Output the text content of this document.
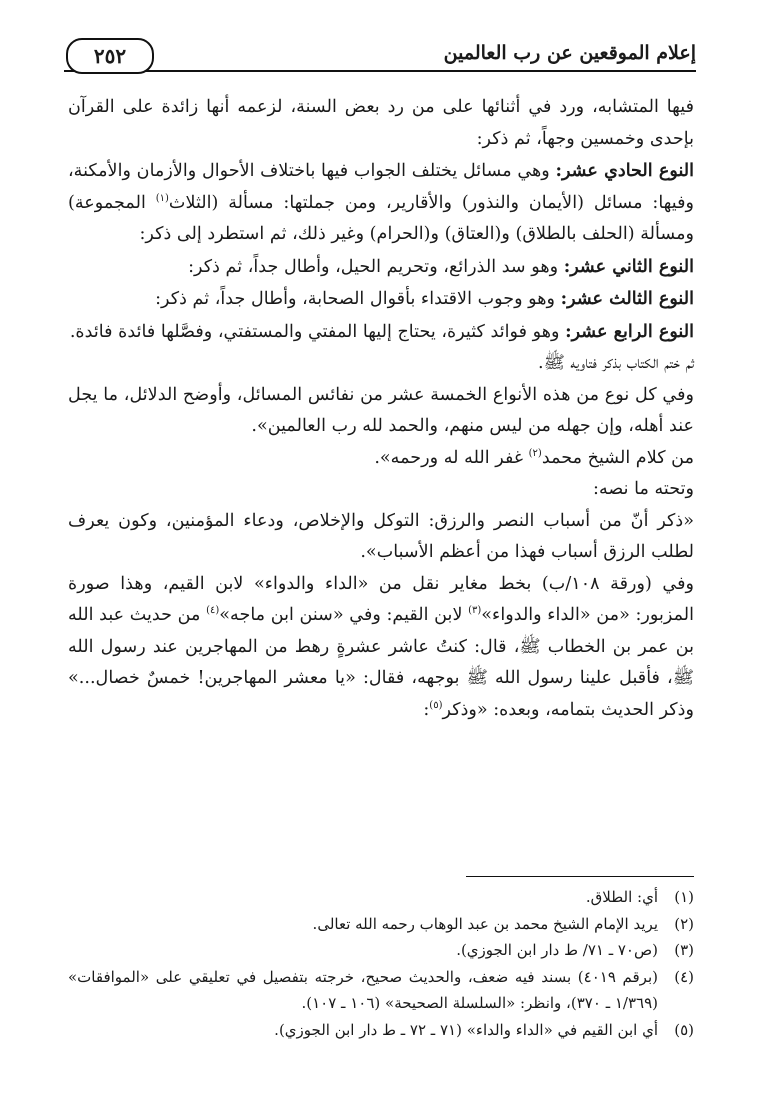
إعلام الموقعين عن رب العالمين
٢٥٢

فيها المتشابه، ورد في أثنائها على من رد بعض السنة، لزعمه أنها زائدة على القرآن بإحدى وخمسين وجهاً، ثم ذكر:

النوع الحادي عشر: وهي مسائل يختلف الجواب فيها باختلاف الأحوال والأزمان والأمكنة، وفيها: مسائل (الأيمان والنذور) والأقارير، ومن جملتها: مسألة (الثلاث$^{(١)}$ المجموعة) ومسألة (الحلف بالطلاق) و(العتاق) و(الحرام) وغير ذلك، ثم استطرد إلى ذكر:

النوع الثاني عشر: وهو سد الذرائع، وتحريم الحيل، وأطال جداً، ثم ذكر:

النوع الثالث عشر: وهو وجوب الاقتداء بأقوال الصحابة، وأطال جداً، ثم ذكر:

النوع الرابع عشر: وهو فوائد كثيرة، يحتاج إليها المفتي والمستفتي، وفصَّلها فائدة فائدة.

ثم ختم الكتاب بذكر فتاويه ﷺ.

وفي كل نوع من هذه الأنواع الخمسة عشر من نفائس المسائل، وأوضح الدلائل، ما يجل عند أهله، وإن جهله من ليس منهم، والحمد لله رب العالمين».

من كلام الشيخ محمد$^{(٢)}$ غفر الله له ورحمه».

وتحته ما نصه:

«ذكر أنّ من أسباب النصر والرزق: التوكل والإخلاص، ودعاء المؤمنين، وكون يعرف لطلب الرزق أسباب فهذا من أعظم الأسباب».

وفي (ورقة ١٠٨/ب) بخط مغاير نقل من «الداء والدواء» لابن القيم، وهذا صورة المزبور: «من «الداء والدواء»$^{(٣)}$ لابن القيم: وفي «سنن ابن ماجه»$^{(٤)}$ من حديث عبد الله بن عمر بن الخطاب ﷺ، قال: كنتُ عاشر عشرةٍ رهط من المهاجرين عند رسول الله ﷺ، فأقبل علينا رسول الله ﷺ بوجهه، فقال: «يا معشر المهاجرين! خمسٌ خصال...» وذكر الحديث بتمامه، وبعده: «وذكر$^{(٥)}$:

(١)
أي: الطلاق.
(٢)
يريد الإمام الشيخ محمد بن عبد الوهاب رحمه الله تعالى.
(٣)
(ص٧٠ ـ ٧١/ ط دار ابن الجوزي).
(٤)
(برقم ٤٠١٩) بسند فيه ضعف، والحديث صحيح، خرجته بتفصيل في تعليقي على «الموافقات» (١/٣٦٩ ـ ٣٧٠)، وانظر: «السلسلة الصحيحة» (١٠٦ ـ ١٠٧).
(٥)
أي ابن القيم في «الداء والداء» (٧١ ـ ٧٢ ـ ط دار ابن الجوزي).
